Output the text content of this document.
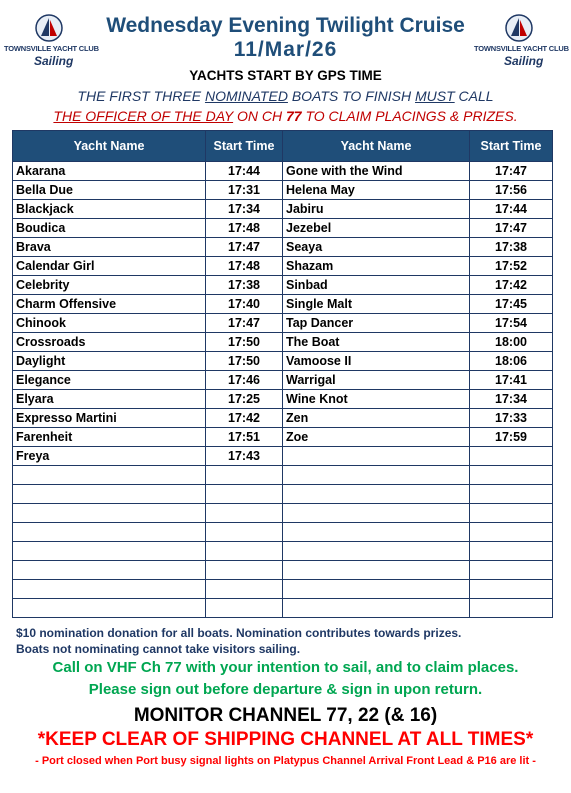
TOWNSVILLE YACHT CLUB
Sailing
TOWNSVILLE YACHT CLUB
Sailing
Wednesday Evening Twilight Cruise
11/Mar/26
YACHTS START BY GPS TIME
THE FIRST THREE NOMINATED BOATS TO FINISH MUST CALL
THE OFFICER OF THE DAY ON CH 77 TO CLAIM PLACINGS & PRIZES.
Yacht Name	Start Time	Yacht Name	Start Time
Akarana	17:44	Gone with the Wind	17:47
Bella Due	17:31	Helena May	17:56
Blackjack	17:34	Jabiru	17:44
Boudica	17:48	Jezebel	17:47
Brava	17:47	Seaya	17:38
Calendar Girl	17:48	Shazam	17:52
Celebrity	17:38	Sinbad	17:42
Charm Offensive	17:40	Single Malt	17:45
Chinook	17:47	Tap Dancer	17:54
Crossroads	17:50	The Boat	18:00
Daylight	17:50	Vamoose II	18:06
Elegance	17:46	Warrigal	17:41
Elyara	17:25	Wine Knot	17:34
Expresso Martini	17:42	Zen	17:33
Farenheit	17:51	Zoe	17:59
Freya	17:43		

$10 nomination donation for all boats. Nomination contributes towards prizes.
Boats not nominating cannot take visitors sailing.
Call on VHF Ch 77 with your intention to sail, and to claim places.
Please sign out before departure & sign in upon return.
MONITOR CHANNEL 77, 22 (& 16)
*KEEP CLEAR OF SHIPPING CHANNEL AT ALL TIMES*
- Port closed when Port busy signal lights on Platypus Channel Arrival Front Lead & P16 are lit -
